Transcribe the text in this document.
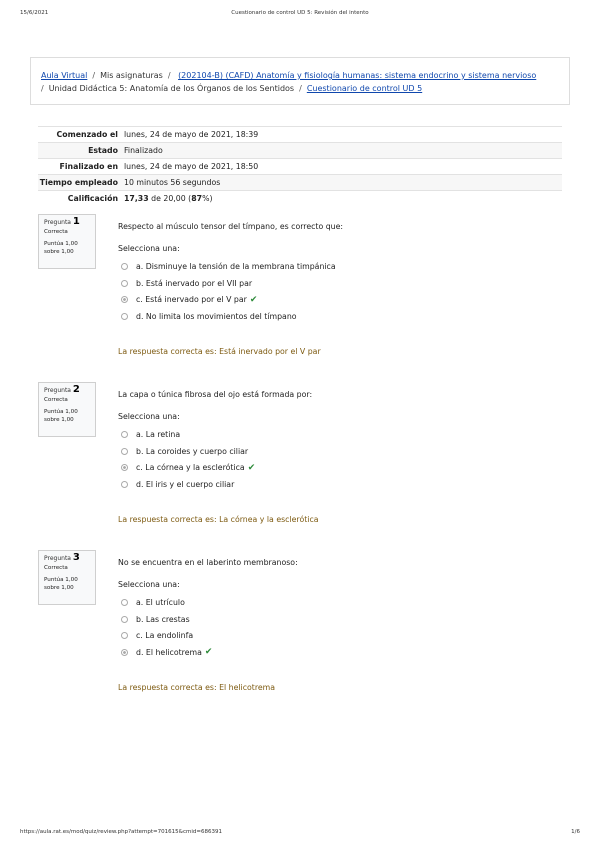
15/6/2021	Cuestionario de control UD 5: Revisión del intento
Aula Virtual / Mis asignaturas / (202104-B) (CAFD) Anatomía y fisiología humanas: sistema endocrino y sistema nervioso
/ Unidad Didáctica 5: Anatomía de los Órganos de los Sentidos / Cuestionario de control UD 5
Comenzado el lunes, 24 de mayo de 2021, 18:39
Estado Finalizado
Finalizado en lunes, 24 de mayo de 2021, 18:50
Tiempo empleado 10 minutos 56 segundos
Calificación 17,33 de 20,00 (87%)
Pregunta 1
Correcta
Puntúa 1,00 sobre 1,00
Respecto al músculo tensor del tímpano, es correcto que:
Selecciona una:
a. Disminuye la tensión de la membrana timpánica
b. Está inervado por el VII par
c. Está inervado por el V par ✔
d. No limita los movimientos del tímpano
La respuesta correcta es: Está inervado por el V par
Pregunta 2
Correcta
Puntúa 1,00 sobre 1,00
La capa o túnica fibrosa del ojo está formada por:
Selecciona una:
a. La retina
b. La coroides y cuerpo ciliar
c. La córnea y la esclerótica ✔
d. El iris y el cuerpo ciliar
La respuesta correcta es: La córnea y la esclerótica
Pregunta 3
Correcta
Puntúa 1,00 sobre 1,00
No se encuentra en el laberinto membranoso:
Selecciona una:
a. El utrículo
b. Las crestas
c. La endolinfa
d. El helicotrema ✔
La respuesta correcta es: El helicotrema
https://aula.rat.es/mod/quiz/review.php?attempt=701615&cmid=686391	1/6
